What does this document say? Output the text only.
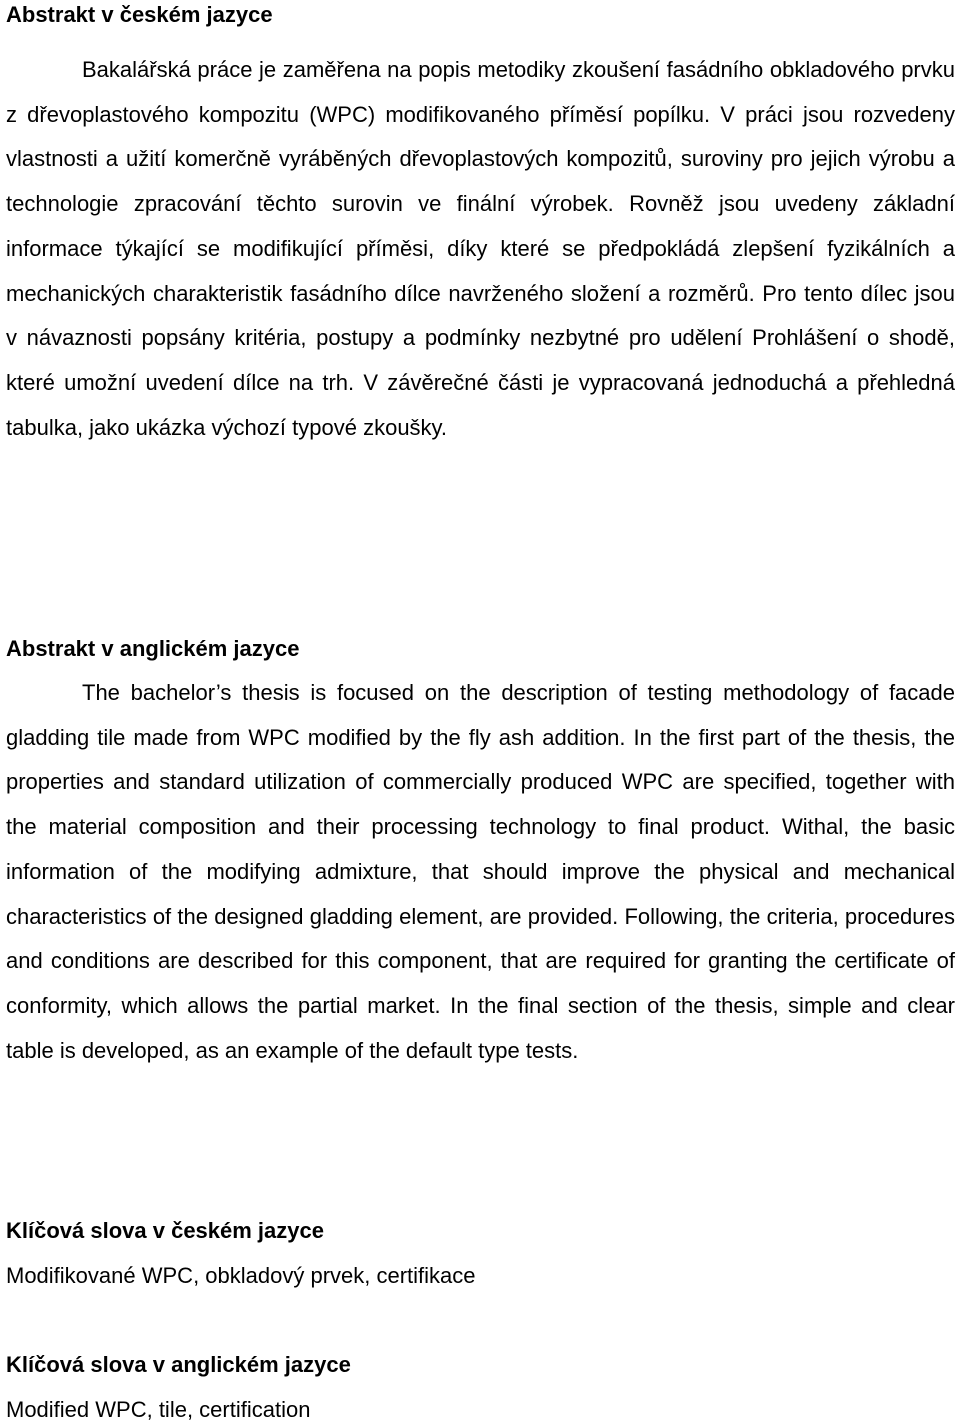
Abstrakt v českém jazyce

Bakalářská práce je zaměřena na popis metodiky zkoušení fasádního obkladového prvku z dřevoplastového kompozitu (WPC) modifikovaného příměsí popílku. V práci jsou rozvedeny vlastnosti a užití komerčně vyráběných dřevoplastových kompozitů, suroviny pro jejich výrobu a technologie zpracování těchto surovin ve finální výrobek. Rovněž jsou uvedeny základní informace týkající se modifikující příměsi, díky které se předpokládá zlepšení fyzikálních a mechanických charakteristik fasádního dílce navrženého složení a rozměrů. Pro tento dílec jsou v návaznosti popsány kritéria, postupy a podmínky nezbytné pro udělení Prohlášení o shodě, které umožní uvedení dílce na trh. V závěrečné části je vypracovaná jednoduchá a přehledná tabulka, jako ukázka výchozí typové zkoušky.

Abstrakt v anglickém jazyce

The bachelor’s thesis is focused on the description of testing methodology of facade gladding tile made from WPC modified by the fly ash addition. In the first part of the thesis, the properties and standard utilization of commercially produced WPC are specified, together with the material composition and their processing technology to final product. Withal, the basic information of the modifying admixture, that should improve the physical and mechanical characteristics of the designed gladding element, are provided. Following, the criteria, procedures and conditions are described for this component, that are required for granting the certificate of conformity, which allows the partial market. In the final section of the thesis, simple and clear table is developed, as an example of the default type tests.

Klíčová slova v českém jazyce

Modifikované WPC, obkladový prvek, certifikace

Klíčová slova v anglickém jazyce

Modified WPC, tile, certification
